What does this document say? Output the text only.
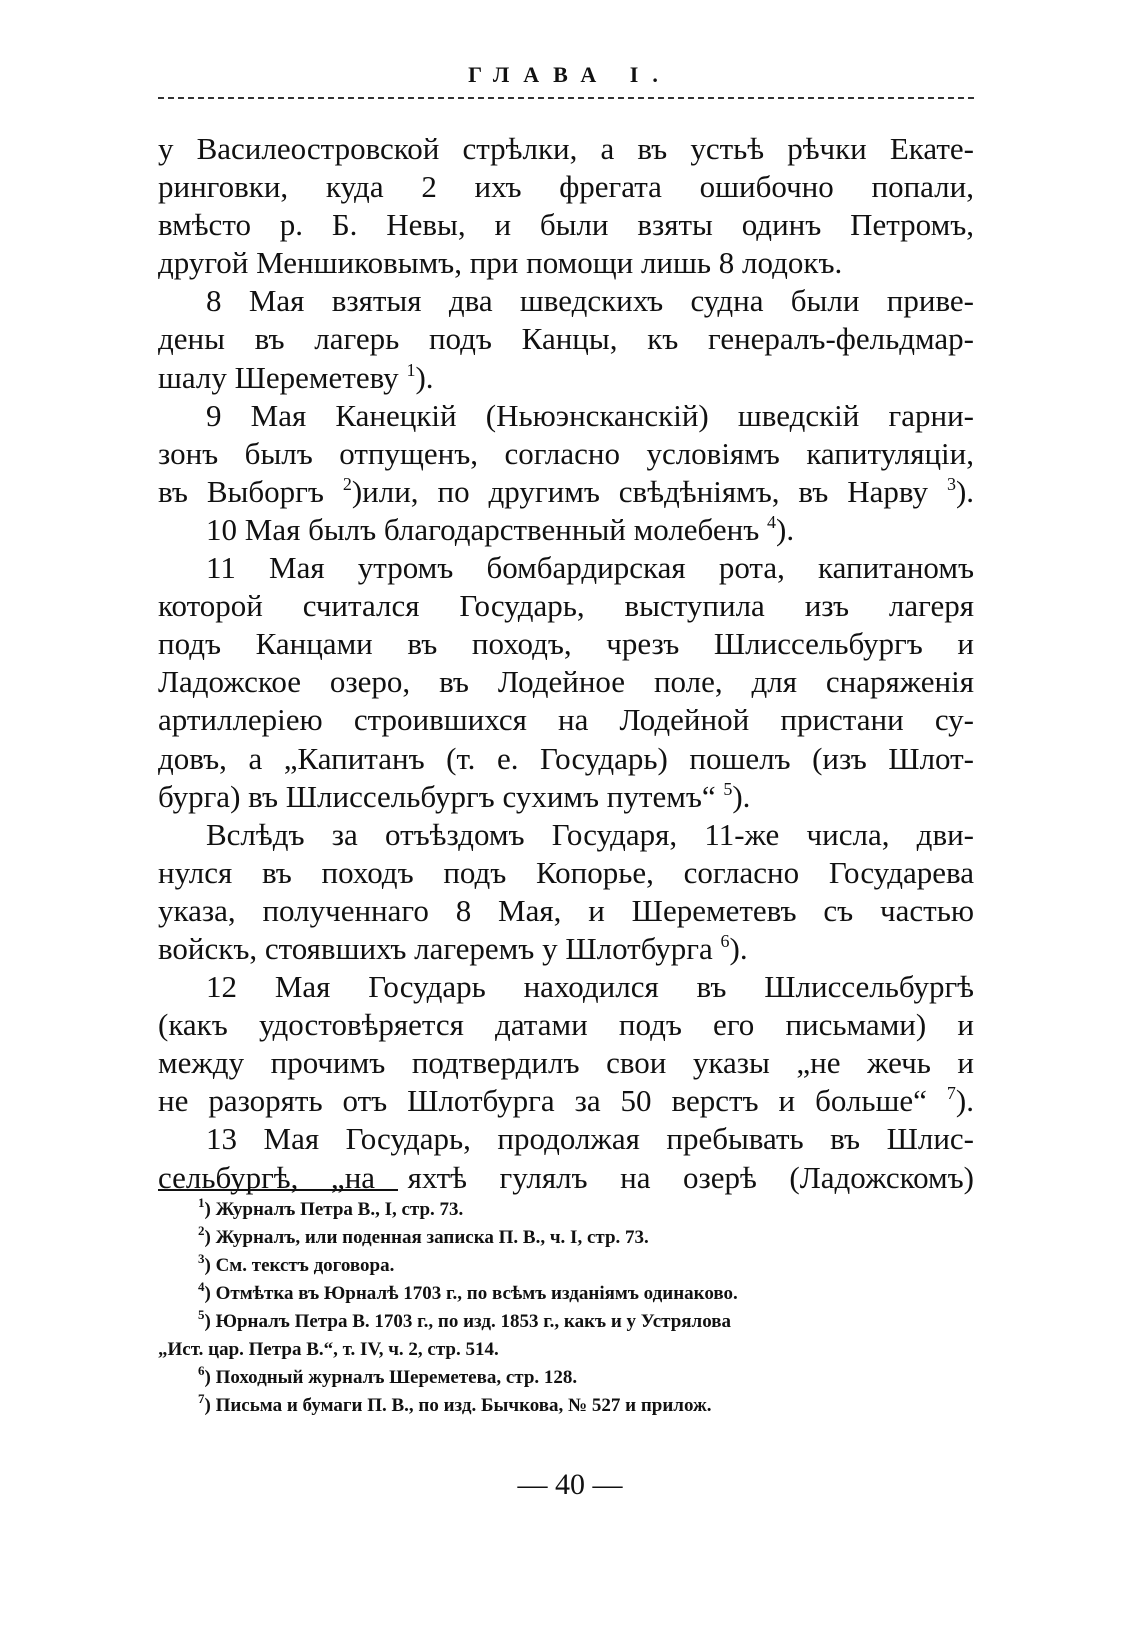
ГЛАВА I.
у Василеостровской стрѣлки, а въ устьѣ рѣчки Екате-
ринговки, куда 2 ихъ фрегата ошибочно попали,
вмѣсто р. Б. Невы, и были взяты одинъ Петромъ,
другой Меншиковымъ, при помощи лишь 8 лодокъ.
8 Мая взятыя два шведскихъ судна были приве-
дены въ лагерь подъ Канцы, къ генералъ-фельдмар-
шалу Шереметеву $^1$).
9 Мая Канецкій (Ньюэнсканскій) шведскій гарни-
зонъ былъ отпущенъ, согласно условіямъ капитуляціи,
въ Выборгъ $^2$)или, по другимъ свѣдѣніямъ, въ Нарву $^3$).
10 Мая былъ благодарственный молебенъ $^4$).
11 Мая утромъ бомбардирская рота, капитаномъ
которой считался Государь, выступила изъ лагеря
подъ Канцами въ походъ, чрезъ Шлиссельбургъ и
Ладожское озеро, въ Лодейное поле, для снаряженія
артиллеріею строившихся на Лодейной пристани су-
довъ, а „Капитанъ (т. е. Государь) пошелъ (изъ Шлот-
бурга) въ Шлиссельбургъ сухимъ путемъ“ $^5$).
Вслѣдъ за отъѣздомъ Государя, 11-же числа, дви-
нулся въ походъ подъ Копорье, согласно Государева
указа, полученнаго 8 Мая, и Шереметевъ съ частью
войскъ, стоявшихъ лагеремъ у Шлотбурга $^6$).
12 Мая Государь находился въ Шлиссельбургѣ
(какъ удостовѣряется датами подъ его письмами) и
между прочимъ подтвердилъ свои указы „не жечь и
не разорять отъ Шлотбурга за 50 верстъ и больше“ $^7$).
13 Мая Государь, продолжая пребывать въ Шлис-
сельбургѣ, „на яхтѣ гулялъ на озерѣ (Ладожскомъ)
$^1$) Журналъ Петра В., I, стр. 73.
$^2$) Журналъ, или поденная записка П. В., ч. I, стр. 73.
$^3$) См. текстъ договора.
$^4$) Отмѣтка въ Юрналѣ 1703 г., по всѣмъ изданіямъ одинаково.
$^5$) Юрналъ Петра В. 1703 г., по изд. 1853 г., какъ и у Устрялова
„Ист. цар. Петра В.“, т. IV, ч. 2, стр. 514.
$^6$) Походный журналъ Шереметева, стр. 128.
$^7$) Письма и бумаги П. В., по изд. Бычкова, № 527 и прилож.
— 40 —
